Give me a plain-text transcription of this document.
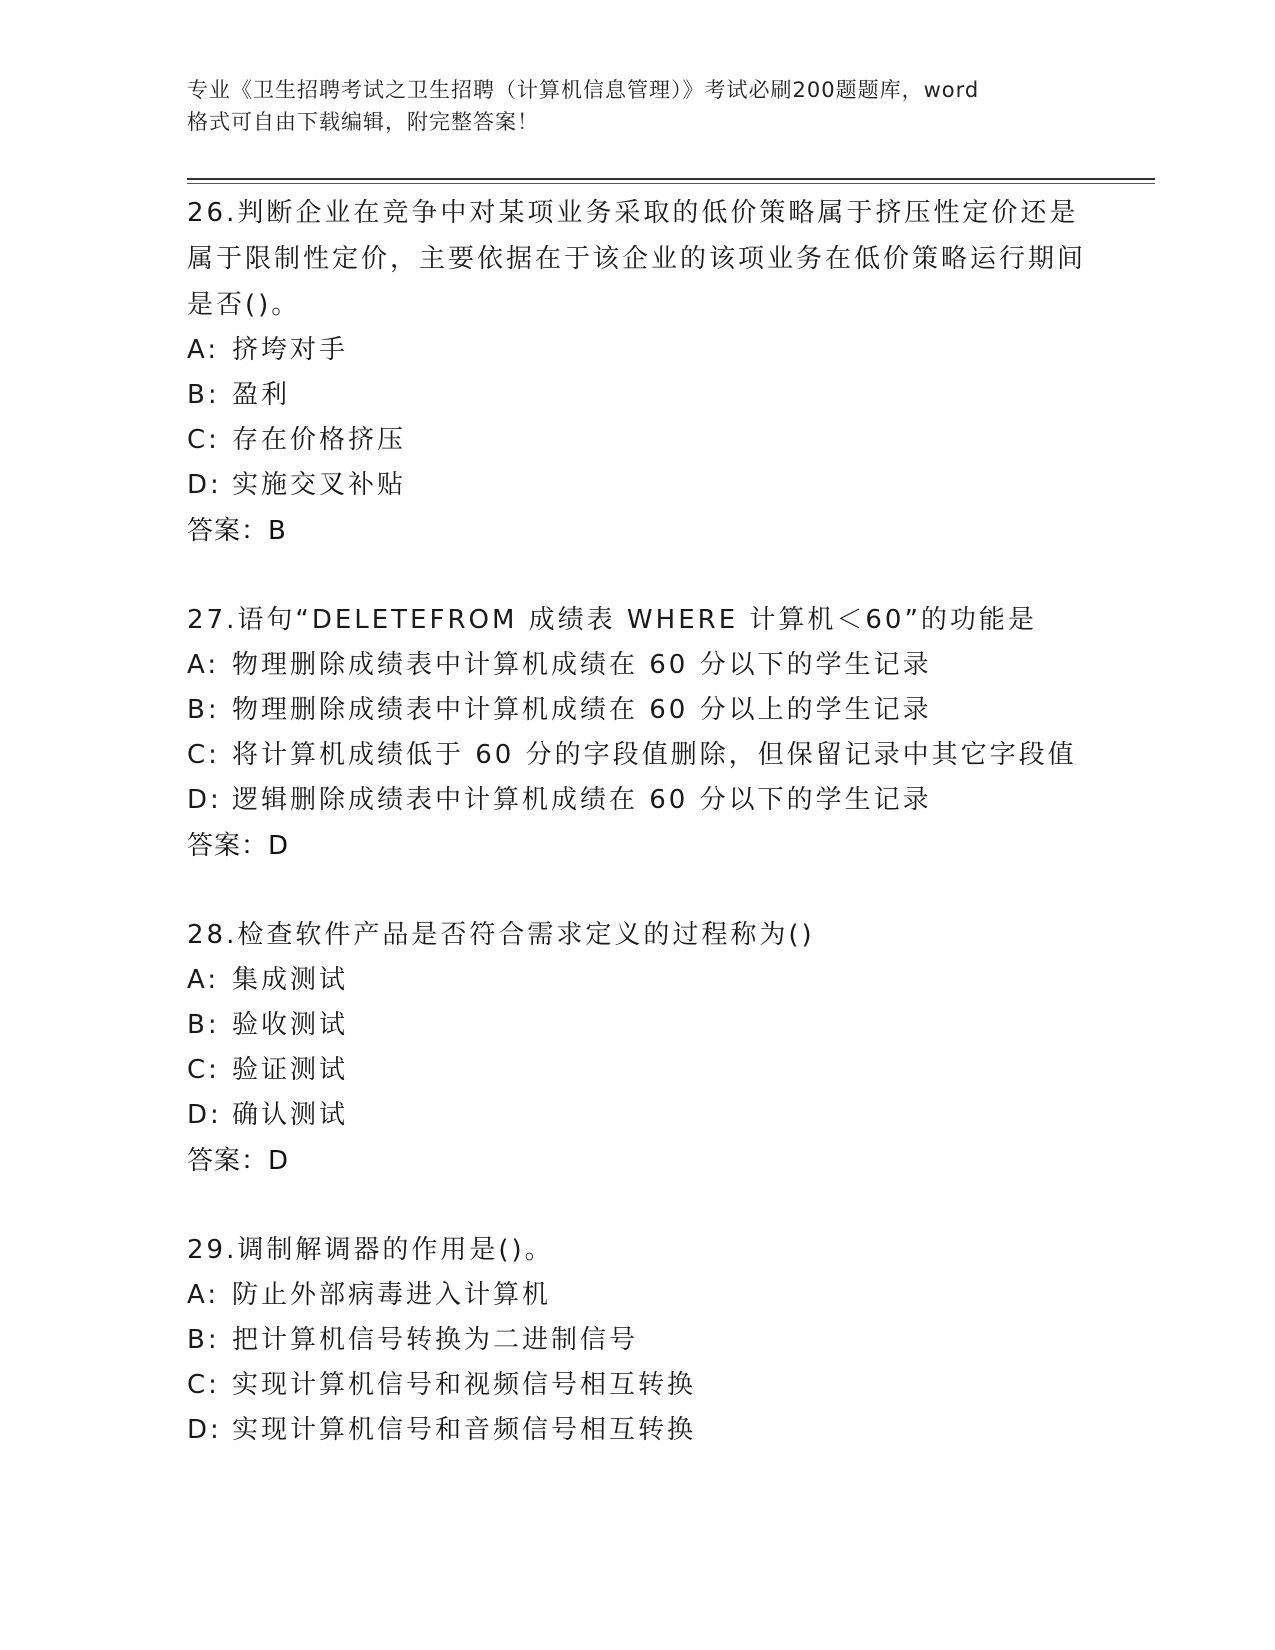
专业《卫生招聘考试之卫生招聘（计算机信息管理）》考试必刷200题题库，word
格式可自由下载编辑，附完整答案！

26.判断企业在竞争中对某项业务采取的低价策略属于挤压性定价还是属于限制性定价，主要依据在于该企业的该项业务在低价策略运行期间是否()。

A: 挤垮对手
B: 盈利
C: 存在价格挤压
D: 实施交叉补贴

答案：B

27.语句“DELETEFROM 成绩表 WHERE 计算机＜60”的功能是

A: 物理删除成绩表中计算机成绩在 60 分以下的学生记录
B: 物理删除成绩表中计算机成绩在 60 分以上的学生记录
C: 将计算机成绩低于 60 分的字段值删除，但保留记录中其它字段值
D: 逻辑删除成绩表中计算机成绩在 60 分以下的学生记录

答案：D

28.检查软件产品是否符合需求定义的过程称为()

A: 集成测试
B: 验收测试
C: 验证测试
D: 确认测试

答案：D

29.调制解调器的作用是()。

A: 防止外部病毒进入计算机
B: 把计算机信号转换为二进制信号
C: 实现计算机信号和视频信号相互转换
D: 实现计算机信号和音频信号相互转换
